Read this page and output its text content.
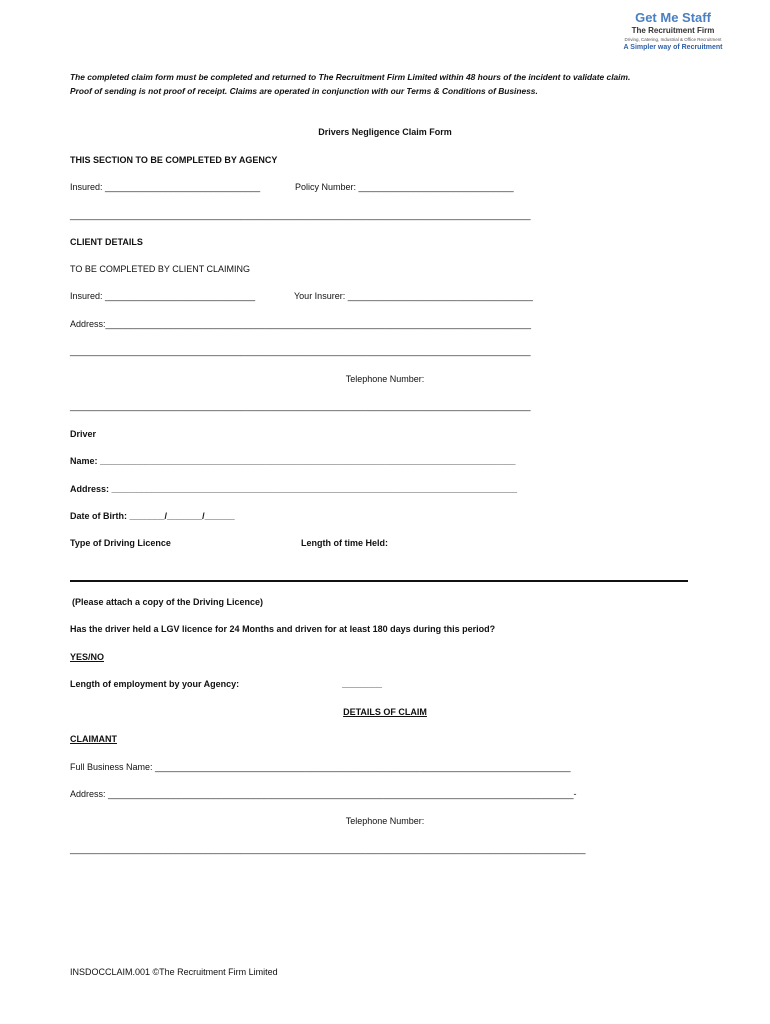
Get Me Staff
The Recruitment Firm
Driving, Catering, Industrial & Office Recruitment
A Simpler way of Recruitment
The completed claim form must be completed and returned to The Recruitment Firm Limited within 48 hours of the incident to validate claim.
Proof of sending is not proof of receipt. Claims are operated in conjunction with our Terms & Conditions of Business.
Drivers Negligence Claim Form
THIS SECTION TO BE COMPLETED BY AGENCY
Insured: _______________________________	Policy Number: _______________________________
____________________________________________________________________________________________
CLIENT DETAILS
TO BE COMPLETED BY CLIENT CLAIMING
Insured: ______________________________	Your Insurer: _____________________________________
Address:_____________________________________________________________________________________
____________________________________________________________________________________________
Telephone Number:
____________________________________________________________________________________________
Driver
Name: ___________________________________________________________________________________
Address: _________________________________________________________________________________
Date of Birth: _______/_______/______
Type of Driving Licence	Length of time Held:
(Please attach a copy of the Driving Licence)
Has the driver held a LGV licence for 24 Months and driven for at least 180 days during this period?
YES/NO
Length of employment by your Agency:	________
DETAILS OF CLAIM
CLAIMANT
Full Business Name: ___________________________________________________________________________________
Address: _____________________________________________________________________________________________-
Telephone Number:
_______________________________________________________________________________________________________
INSDOCCLAIM.001 ©The Recruitment Firm Limited
